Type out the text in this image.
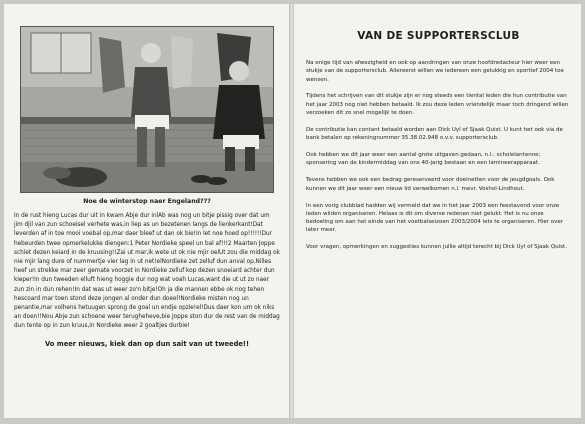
Noe de winterstop naer Engeland???

In de rust hieng Lucas dur uit in kwam Abje dur inlAb was nog un bitje pissig over dat um jim djil van zun schoeisel verhete was,in liep as un bezetenen langs de lienkerkant!Dat leverden af in toe mooi voebal op,mar daer bleef ut dan ok bie!In let noe hoed op!!!!!!Dur hebeurden twee opmerkelukke diengen:1 Peter Nordieke speel un bal af!!!2 Maarten Joppe schiet dezen keiard in de kruusing!!Zai ut mar,ik wete ut ok nie mjir oelUt zou die middag ok nie mjir lang dure of nummertje vier lag in ut net!elNordieke zet zelluf dun anval op,Nilles heef un strekke mar zeer gemate voorzet in Nordieke zelluf kop dezen snoeiard achter dun kieper!In dun tweeden elluft hieng hoggie dur nog wat voah Lucas,want die ut ut zo naer zun zin in dun rehen!In dat was ut weer zo'n bitje!Oh ja die mannen ebbe ok nog tehen hescoard mar toen stond deze jongen al onder dun doeel!Nordieke misten nog un penantie,mar volhens hetuugen sprong de goal un endje opzie!el!Dus daer kon um ok niks an doen!!Nou Abje zun schoene weer terugheheve,bie Joppe ston dur de rest van de middag dun tente op in zun kruus,in Nordieke weer 2 goaltjes durbie!

Vo meer nieuws, kiek dan op dun sait van ut tweede!!
VAN DE SUPPORTERSCLUB

Na enige tijd van afwezigheid en ook op aandringen van onze hoofdredacteur hier weer een stukje van de supportersclub. Allereerst willen we iedereen een gelukkig en sportief 2004 toe wensen.

Tijdens het schrijven van dit stukje zijn er nog steeds een tiental leden die hun contributie van het jaar 2003 nog niet hebben betaald. Ik zou deze leden vriendelijk maar toch dringend willen verzoeken dit zo snel mogelijk te doen.

De contributie kan contant betaald worden aan Dick Uyl of Sjaak Quist. U kunt het ook via de bank betalen op rekeningnummer 35.38.02.948 o.v.v. supportersclub.

Ook hebben we dit jaar weer een aantal grote uitgaven gedaan, n.l.: scholelantenne; sponsering van de kindermiddag van ons 40-jarig bestaan en een lamineerapparaat.

Tevens hebben we ook een bedrag gereserveerd voor doelnetten voor de jeugdgoals. Ook kunnen we dit jaar weer een nieuw lid verwelkomen n.l. mevr. Voshol-Lindhout.

In een vorig clubblad hadden wij vermeld dat we in het jaar 2003 een feestavond voor onze leden wilden organiseren. Helaas is dit om diverse redenen niet gelukt. Het is nu onze bedoeling om aan het einde van het voetbalseizoen 2003/2004 iets te organiseren. Hier over later meer.

Voor vragen, opmerkingen en suggesties kunnen jullie altijd terecht bij Dick Uyl of Sjaak Quist.
